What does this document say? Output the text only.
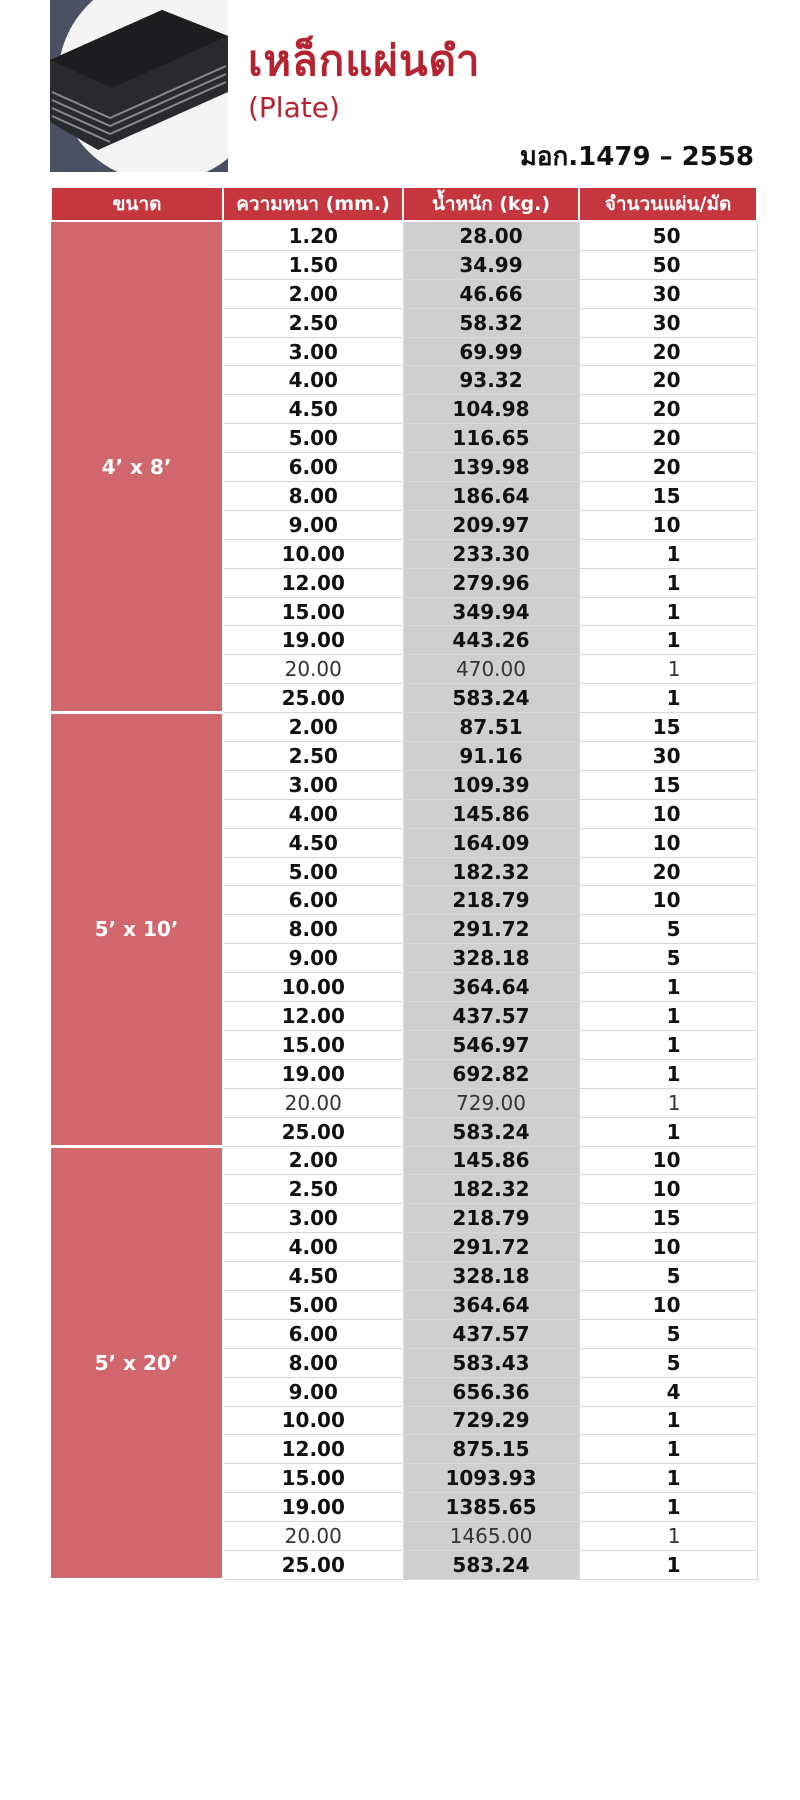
เหล็กแผ่นดำ
(Plate)
มอก.1479 – 2558
ขนาด	ความหนา (mm.)	น้ำหนัก (kg.)	จำนวนแผ่น/มัด
4’ x 8’	1.20	28.00	50
	1.50	34.99	50
	2.00	46.66	30
	2.50	58.32	30
	3.00	69.99	20
	4.00	93.32	20
	4.50	104.98	20
	5.00	116.65	20
	6.00	139.98	20
	8.00	186.64	15
	9.00	209.97	10
	10.00	233.30	1
	12.00	279.96	1
	15.00	349.94	1
	19.00	443.26	1
	20.00	470.00	1
	25.00	583.24	1
5’ x 10’	2.00	87.51	15
	2.50	91.16	30
	3.00	109.39	15
	4.00	145.86	10
	4.50	164.09	10
	5.00	182.32	20
	6.00	218.79	10
	8.00	291.72	5
	9.00	328.18	5
	10.00	364.64	1
	12.00	437.57	1
	15.00	546.97	1
	19.00	692.82	1
	20.00	729.00	1
	25.00	583.24	1
5’ x 20’	2.00	145.86	10
	2.50	182.32	10
	3.00	218.79	15
	4.00	291.72	10
	4.50	328.18	5
	5.00	364.64	10
	6.00	437.57	5
	8.00	583.43	5
	9.00	656.36	4
	10.00	729.29	1
	12.00	875.15	1
	15.00	1093.93	1
	19.00	1385.65	1
	20.00	1465.00	1
	25.00	583.24	1
